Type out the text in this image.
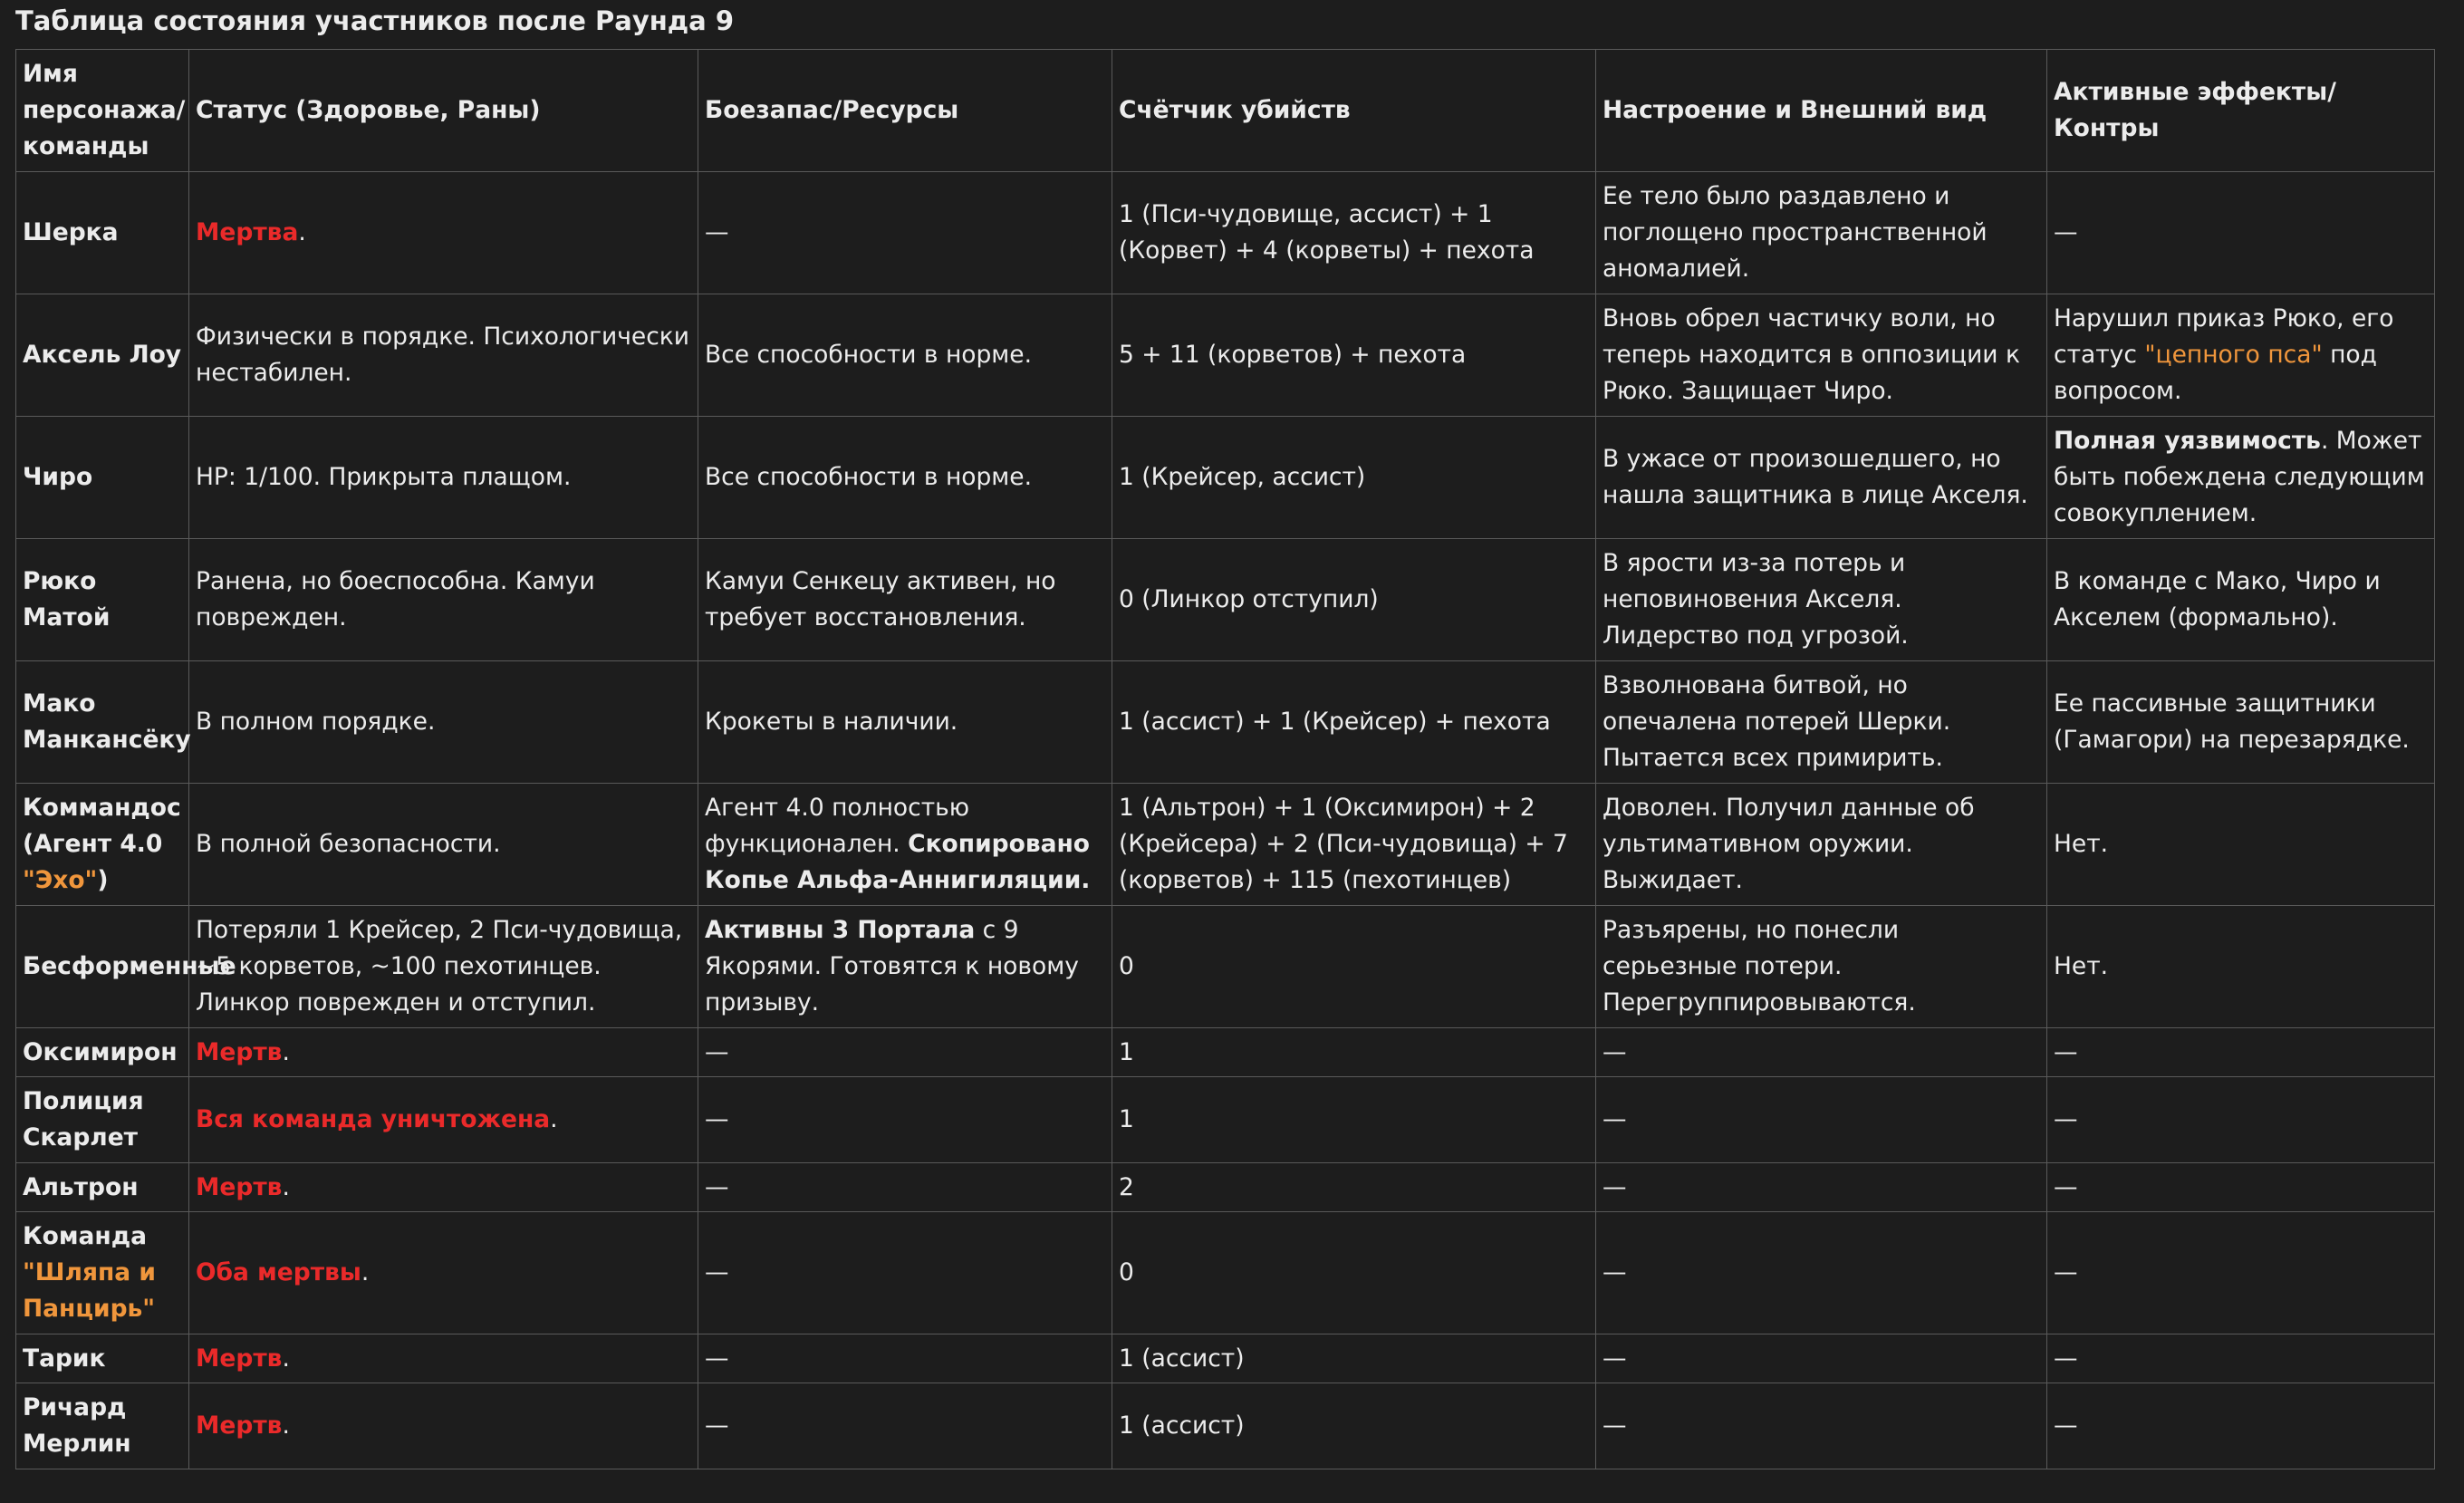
Таблица состояния участников после Раунда 9
Имя персонажа/команды	Статус (Здоровье, Раны)	Боезапас/Ресурсы	Счётчик убийств	Настроение и Внешний вид	Активные эффекты/Контры
Шерка	Мертва.	—	1 (Пси-чудовище, ассист) + 1 (Корвет) + 4 (корветы) + пехота	Ее тело было раздавлено и поглощено пространственной аномалией.	—
Аксель Лоу	Физически в порядке. Психологически нестабилен.	Все способности в норме.	5 + 11 (корветов) + пехота	Вновь обрел частичку воли, но теперь находится в оппозиции к Рюко. Защищает Чиро.	Нарушил приказ Рюко, его статус "цепного пса" под вопросом.
Чиро	HP: 1/100. Прикрыта плащом.	Все способности в норме.	1 (Крейсер, ассист)	В ужасе от произошедшего, но нашла защитника в лице Акселя.	Полная уязвимость. Может быть побеждена следующим совокуплением.
Рюко Матой	Ранена, но боеспособна. Камуи поврежден.	Камуи Сенкецу активен, но требует восстановления.	0 (Линкор отступил)	В ярости из-за потерь и неповиновения Акселя. Лидерство под угрозой.	В команде с Мако, Чиро и Акселем (формально).
Мако Манкансёку	В полном порядке.	Крокеты в наличии.	1 (ассист) + 1 (Крейсер) + пехота	Взволнована битвой, но опечалена потерей Шерки. Пытается всех примирить.	Ее пассивные защитники (Гамагори) на перезарядке.
Коммандос (Агент 4.0 "Эхо")	В полной безопасности.	Агент 4.0 полностью функционален. Скопировано Копье Альфа-Аннигиляции.	1 (Альтрон) + 1 (Оксимирон) + 2 (Крейсера) + 2 (Пси-чудовища) + 7 (корветов) + 115 (пехотинцев)	Доволен. Получил данные об ультимативном оружии. Выжидает.	Нет.
Бесформенные	Потеряли 1 Крейсер, 2 Пси-чудовища, ~5 корветов, ~100 пехотинцев. Линкор поврежден и отступил.	Активны 3 Портала с 9 Якорями. Готовятся к новому призыву.	0	Разъярены, но понесли серьезные потери. Перегруппировываются.	Нет.
Оксимирон	Мертв.	—	1	—	—
Полиция Скарлет	Вся команда уничтожена.	—	1	—	—
Альтрон	Мертв.	—	2	—	—
Команда "Шляпа и Панцирь"	Оба мертвы.	—	0	—	—
Тарик	Мертв.	—	1 (ассист)	—	—
Ричард Мерлин	Мертв.	—	1 (ассист)	—	—
